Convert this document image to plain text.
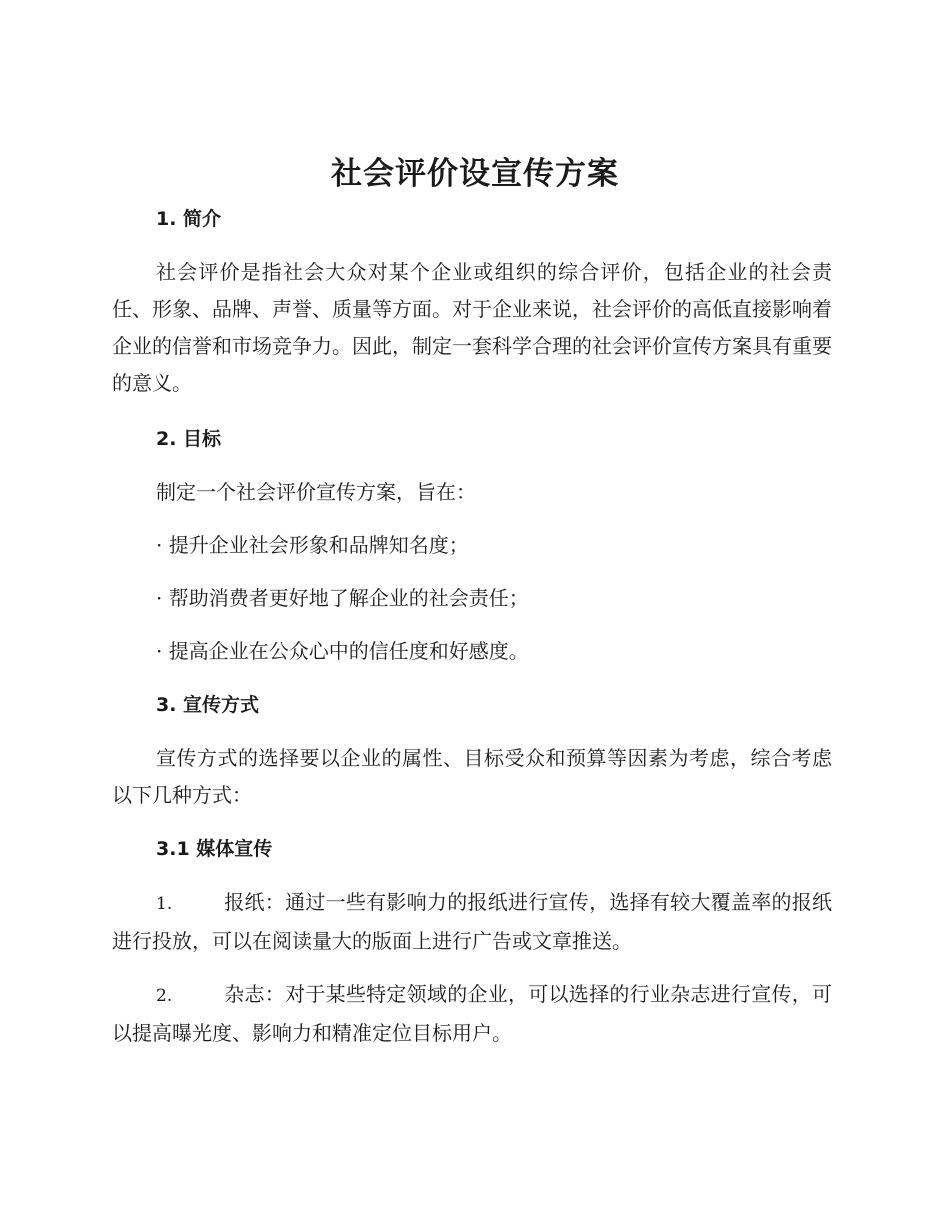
社会评价设宣传方案
1. 简介

社会评价是指社会大众对某个企业或组织的综合评价，包括企业的社会责任、形象、品牌、声誉、质量等方面。对于企业来说，社会评价的高低直接影响着企业的信誉和市场竞争力。因此，制定一套科学合理的社会评价宣传方案具有重要的意义。

2. 目标

制定一个社会评价宣传方案，旨在：

· 提升企业社会形象和品牌知名度；

· 帮助消费者更好地了解企业的社会责任；

· 提高企业在公众心中的信任度和好感度。

3. 宣传方式

宣传方式的选择要以企业的属性、目标受众和预算等因素为考虑，综合考虑以下几种方式：

3.1 媒体宣传

1.	报纸：通过一些有影响力的报纸进行宣传，选择有较大覆盖率的报纸进行投放，可以在阅读量大的版面上进行广告或文章推送。

2.	杂志：对于某些特定领域的企业，可以选择的行业杂志进行宣传，可以提高曝光度、影响力和精准定位目标用户。
